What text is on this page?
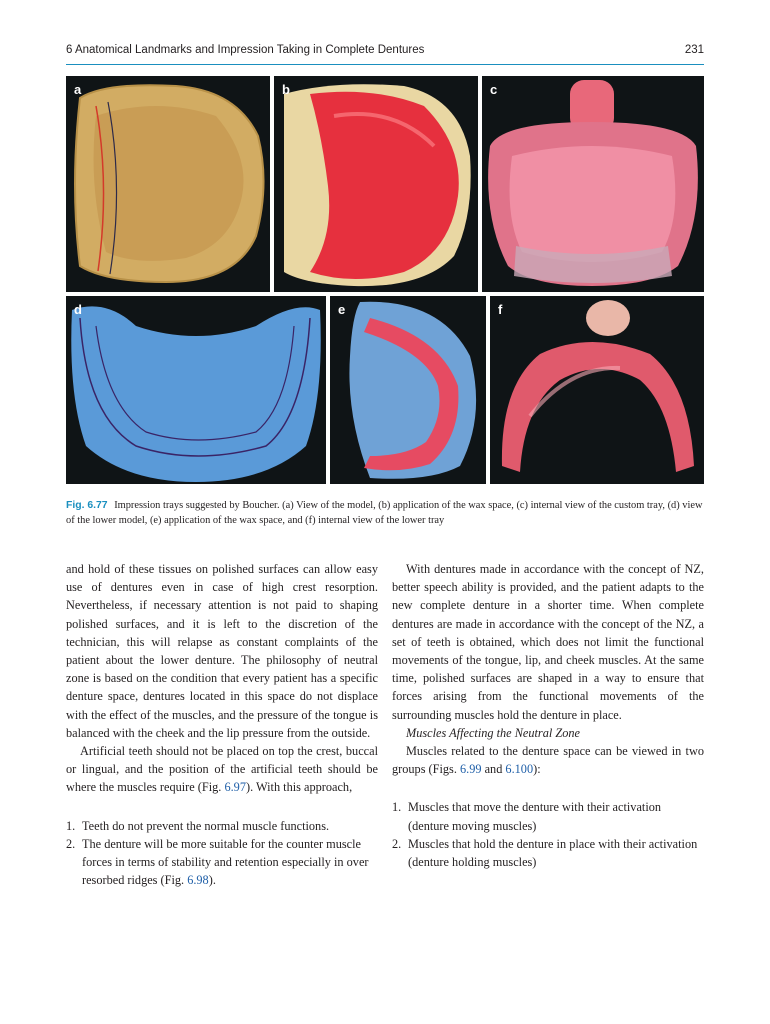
6 Anatomical Landmarks and Impression Taking in Complete Dentures	231
a	b	c
d	e	f
Fig. 6.77 Impression trays suggested by Boucher. (a) View of the model, (b) application of the wax space, (c) internal view of the custom tray, (d) view of the lower model, (e) application of the wax space, and (f) internal view of the lower tray

and hold of these tissues on polished surfaces can allow easy use of dentures even in case of high crest resorption. Nevertheless, if necessary attention is not paid to shaping polished surfaces, and it is left to the discretion of the technician, this will relapse as constant complaints of the patient about the lower denture. The philosophy of neutral zone is based on the condition that every patient has a specific denture space, dentures located in this space do not displace with the effect of the muscles, and the pressure of the tongue is balanced with the cheek and the lip pressure from the outside.

Artificial teeth should not be placed on top the crest, buccal or lingual, and the position of the artificial teeth should be where the muscles require (Fig. 6.97). With this approach,

1. Teeth do not prevent the normal muscle functions.
2. The denture will be more suitable for the counter muscle forces in terms of stability and retention especially in over resorbed ridges (Fig. 6.98).

With dentures made in accordance with the concept of NZ, better speech ability is provided, and the patient adapts to the new complete denture in a shorter time. When complete dentures are made in accordance with the concept of the NZ, a set of teeth is obtained, which does not limit the functional movements of the tongue, lip, and cheek muscles. At the same time, polished surfaces are shaped in a way to ensure that forces arising from the functional movements of the surrounding muscles hold the denture in place.

Muscles Affecting the Neutral Zone

Muscles related to the denture space can be viewed in two groups (Figs. 6.99 and 6.100):

1. Muscles that move the denture with their activation (denture moving muscles)
2. Muscles that hold the denture in place with their activation (denture holding muscles)
